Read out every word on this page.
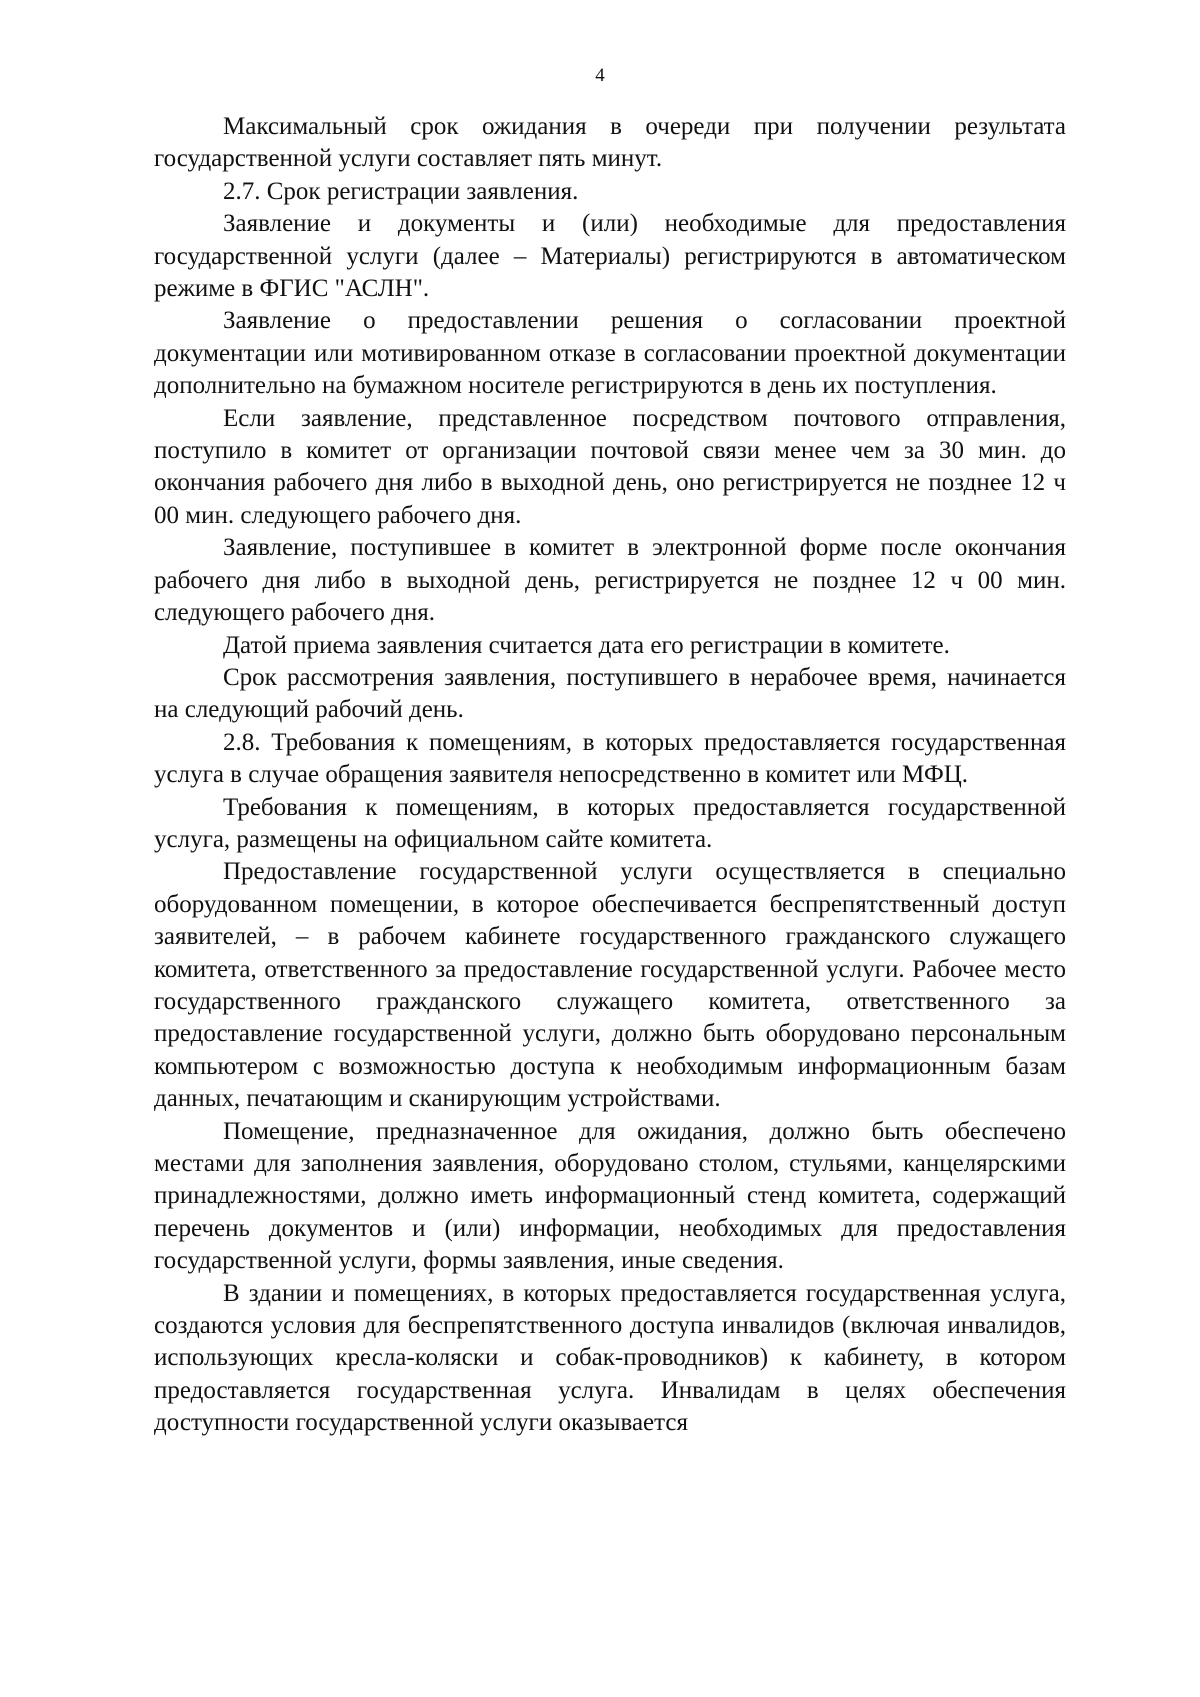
4

Максимальный срок ожидания в очереди при получении результата государственной услуги составляет пять минут.

2.7. Срок регистрации заявления.

Заявление и документы и (или) необходимые для предоставления государственной услуги (далее – Материалы) регистрируются в автоматическом режиме в ФГИС "АСЛН".

Заявление о предоставлении решения о согласовании проектной документации или мотивированном отказе в согласовании проектной документации дополнительно на бумажном носителе регистрируются в день их поступления.

Если заявление, представленное посредством почтового отправления, поступило в комитет от организации почтовой связи менее чем за 30 мин. до окончания рабочего дня либо в выходной день, оно регистрируется не позднее 12 ч 00 мин. следующего рабочего дня.

Заявление, поступившее в комитет в электронной форме после окончания рабочего дня либо в выходной день, регистрируется не позднее 12 ч 00 мин. следующего рабочего дня.

Датой приема заявления считается дата его регистрации в комитете.

Срок рассмотрения заявления, поступившего в нерабочее время, начинается на следующий рабочий день.

2.8. Требования к помещениям, в которых предоставляется государственная услуга в случае обращения заявителя непосредственно в комитет или МФЦ.

Требования к помещениям, в которых предоставляется государственной услуга, размещены на официальном сайте комитета.

Предоставление государственной услуги осуществляется в специально оборудованном помещении, в которое обеспечивается беспрепятственный доступ заявителей, – в рабочем кабинете государственного гражданского служащего комитета, ответственного за предоставление государственной услуги. Рабочее место государственного гражданского служащего комитета, ответственного за предоставление государственной услуги, должно быть оборудовано персональным компьютером с возможностью доступа к необходимым информационным базам данных, печатающим и сканирующим устройствами.

Помещение, предназначенное для ожидания, должно быть обеспечено местами для заполнения заявления, оборудовано столом, стульями, канцелярскими принадлежностями, должно иметь информационный стенд комитета, содержащий перечень документов и (или) информации, необходимых для предоставления государственной услуги, формы заявления, иные сведения.

В здании и помещениях, в которых предоставляется государственная услуга, создаются условия для беспрепятственного доступа инвалидов (включая инвалидов, использующих кресла-коляски и собак-проводников) к кабинету, в котором предоставляется государственная услуга. Инвалидам в целях обеспечения доступности государственной услуги оказывается
